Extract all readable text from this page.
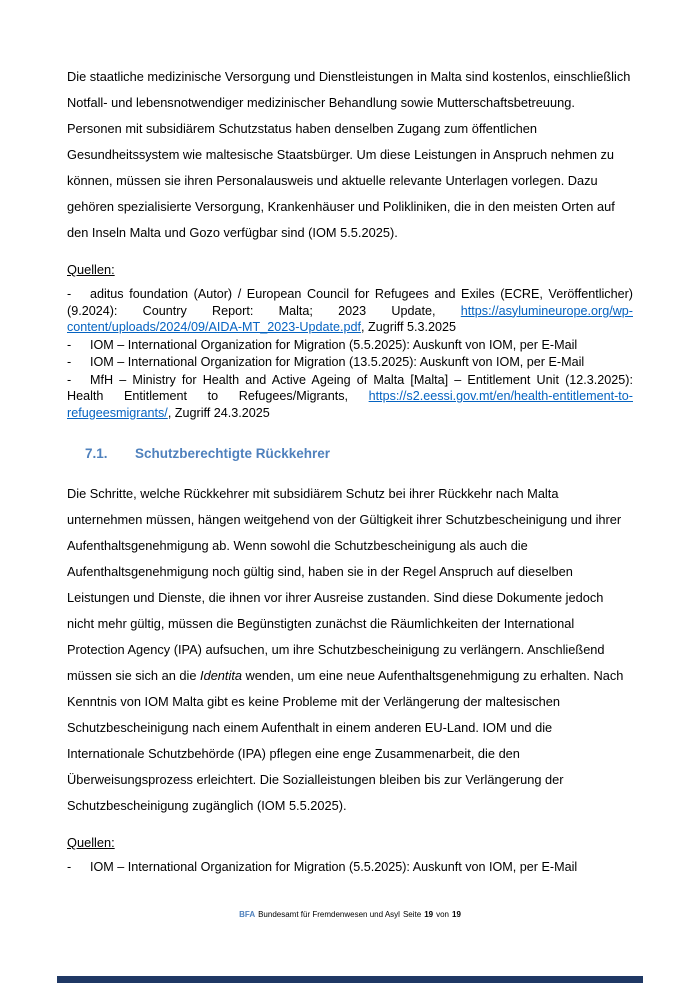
Die staatliche medizinische Versorgung und Dienstleistungen in Malta sind kostenlos, einschließlich Notfall- und lebensnotwendiger medizinischer Behandlung sowie Mutterschaftsbetreuung. Personen mit subsidiärem Schutzstatus haben denselben Zugang zum öffentlichen Gesundheitssystem wie maltesische Staatsbürger. Um diese Leistungen in Anspruch nehmen zu können, müssen sie ihren Personalausweis und aktuelle relevante Unterlagen vorlegen. Dazu gehören spezialisierte Versorgung, Krankenhäuser und Polikliniken, die in den meisten Orten auf den Inseln Malta und Gozo verfügbar sind (IOM 5.5.2025).
Quellen:
- aditus foundation (Autor) / European Council for Refugees and Exiles (ECRE, Veröffentlicher) (9.2024): Country Report: Malta; 2023 Update, https://asylumineurope.org/wp-content/uploads/2024/09/AIDA-MT_2023-Update.pdf, Zugriff 5.3.2025
- IOM – International Organization for Migration (5.5.2025): Auskunft von IOM, per E-Mail
- IOM – International Organization for Migration (13.5.2025): Auskunft von IOM, per E-Mail
- MfH – Ministry for Health and Active Ageing of Malta [Malta] – Entitlement Unit (12.3.2025): Health Entitlement to Refugees/Migrants, https://s2.eessi.gov.mt/en/health-entitlement-to-refugeesmigrants/, Zugriff 24.3.2025
7.1. Schutzberechtigte Rückkehrer
Die Schritte, welche Rückkehrer mit subsidiärem Schutz bei ihrer Rückkehr nach Malta unternehmen müssen, hängen weitgehend von der Gültigkeit ihrer Schutzbescheinigung und ihrer Aufenthaltsgenehmigung ab. Wenn sowohl die Schutzbescheinigung als auch die Aufenthaltsgenehmigung noch gültig sind, haben sie in der Regel Anspruch auf dieselben Leistungen und Dienste, die ihnen vor ihrer Ausreise zustanden. Sind diese Dokumente jedoch nicht mehr gültig, müssen die Begünstigten zunächst die Räumlichkeiten der International Protection Agency (IPA) aufsuchen, um ihre Schutzbescheinigung zu verlängern. Anschließend müssen sie sich an die Identita wenden, um eine neue Aufenthaltsgenehmigung zu erhalten. Nach Kenntnis von IOM Malta gibt es keine Probleme mit der Verlängerung der maltesischen Schutzbescheinigung nach einem Aufenthalt in einem anderen EU-Land. IOM und die Internationale Schutzbehörde (IPA) pflegen eine enge Zusammenarbeit, die den Überweisungsprozess erleichtert. Die Sozialleistungen bleiben bis zur Verlängerung der Schutzbescheinigung zugänglich (IOM 5.5.2025).
Quellen:
- IOM – International Organization for Migration (5.5.2025): Auskunft von IOM, per E-Mail
BFA Bundesamt für Fremdenwesen und Asyl Seite 19 von 19
